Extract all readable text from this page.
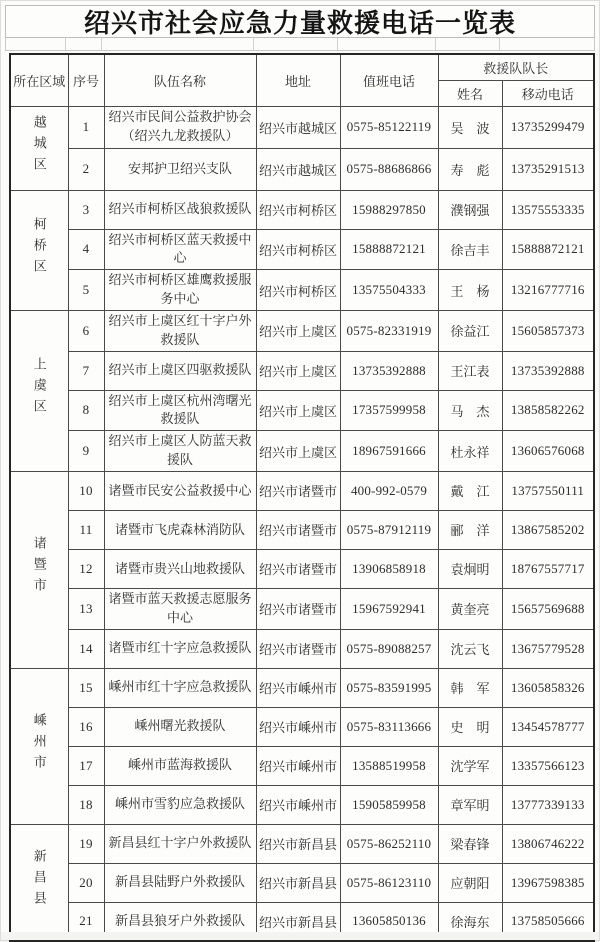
绍兴市社会应急力量救援电话一览表
所在区域	序号	队伍名称	地址	值班电话	救援队队长	
					姓名	移动电话
越城区	1	绍兴市民间公益救护协会（绍兴九龙救援队）	绍兴市越城区	0575-85122119	吴　波	13735299479
	2	安邦护卫绍兴支队	绍兴市越城区	0575-88686866	寿　彪	13735291513
柯桥区	3	绍兴市柯桥区战狼救援队	绍兴市柯桥区	15988297850	濮钢强	13575553335
	4	绍兴市柯桥区蓝天救援中心	绍兴市柯桥区	15888872121	徐吉丰	15888872121
	5	绍兴市柯桥区雄鹰救援服务中心	绍兴市柯桥区	13575504333	王　杨	13216777716
上虞区	6	绍兴市上虞区红十字户外救援队	绍兴市上虞区	0575-82331919	徐益江	15605857373
	7	绍兴市上虞区四驱救援队	绍兴市上虞区	13735392888	王江表	13735392888
	8	绍兴市上虞区杭州湾曙光救援队	绍兴市上虞区	17357599958	马　杰	13858582262
	9	绍兴市上虞区人防蓝天救援队	绍兴市上虞区	18967591666	杜永祥	13606576068
诸暨市	10	诸暨市民安公益救援中心	绍兴市诸暨市	400-992-0579	戴　江	13757550111
	11	诸暨市飞虎森林消防队	绍兴市诸暨市	0575-87912119	郦　洋	13867585202
	12	诸暨市贵兴山地救援队	绍兴市诸暨市	13906858918	袁炯明	18767557717
	13	诸暨市蓝天救援志愿服务中心	绍兴市诸暨市	15967592941	黄奎亮	15657569688
	14	诸暨市红十字应急救援队	绍兴市诸暨市	0575-89088257	沈云飞	13675779528
嵊州市	15	嵊州市红十字应急救援队	绍兴市嵊州市	0575-83591995	韩　军	13605858326
	16	嵊州曙光救援队	绍兴市嵊州市	0575-83113666	史　明	13454578777
	17	嵊州市蓝海救援队	绍兴市嵊州市	13588519958	沈学军	13357566123
	18	嵊州市雪豹应急救援队	绍兴市嵊州市	15905859958	章军明	13777339133
新昌县	19	新昌县红十字户外救援队	绍兴市新昌县	0575-86252110	梁春锋	13806746222
	20	新昌县陆野户外救援队	绍兴市新昌县	0575-86123110	应朝阳	13967598385
	21	新昌县狼牙户外救援队	绍兴市新昌县	13605850136	徐海东	13758505666
